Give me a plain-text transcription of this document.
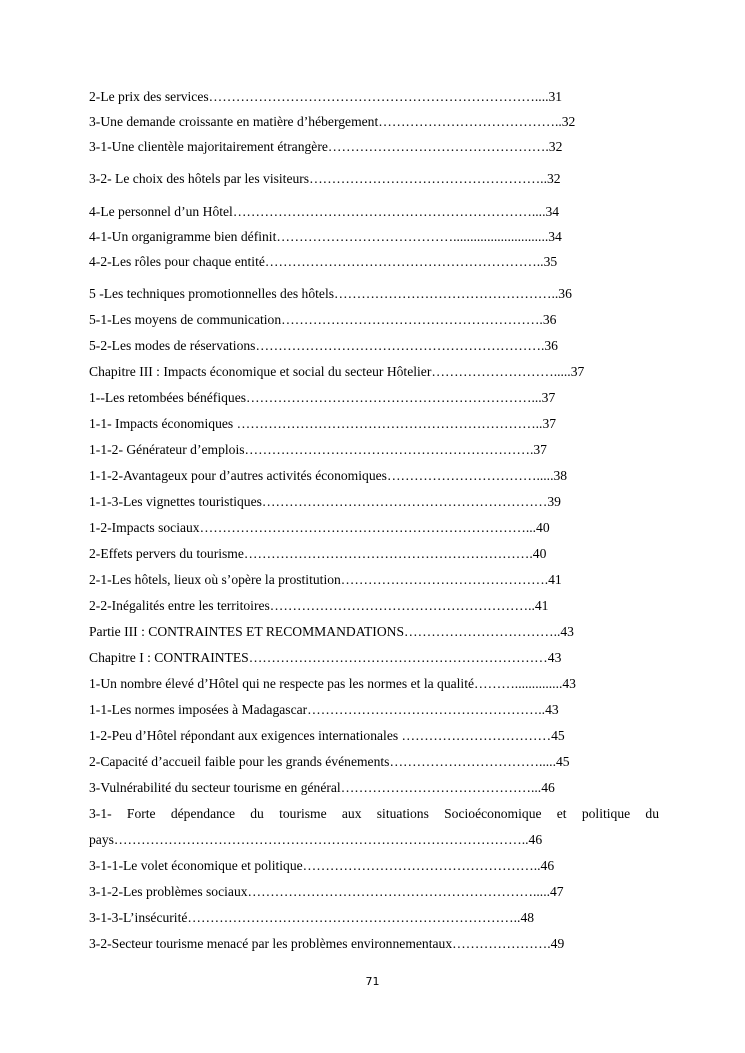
2-Le prix des services………………………………………………………………....31

3-Une demande croissante en matière d’hébergement…………………………………..32

3-1-Une clientèle majoritairement étrangère………………………………………….32

3-2- Le choix des hôtels par les visiteurs……………………………………………..32

4-Le personnel d’un Hôtel…………………………………………………………....34

4-1-Un organigramme bien définit…………………………………............................34

4-2-Les rôles pour chaque entité……………………………………………………..35

5 -Les techniques promotionnelles des hôtels…………………………………………..36

5-1-Les moyens de communication………………………………………………….36

5-2-Les modes de réservations……………………………………………………….36

Chapitre III : Impacts économique et social du secteur Hôtelier……………………….....37

1--Les retombées bénéfiques………………………………………………………...37

1-1- Impacts économiques …………………………………………………………..37

1-1-2- Générateur d’emplois……………………………………………………….37

1-1-2-Avantageux pour d’autres activités économiques…………………………….....38

1-1-3-Les vignettes touristiques………………………………………………………39

1-2-Impacts sociaux………………………………………………………………...40

2-Effets pervers du tourisme……………………………………………………….40

2-1-Les hôtels, lieux où s’opère la prostitution……………………………………….41

2-2-Inégalités entre les territoires…………………………………………………..41

Partie III : CONTRAINTES ET RECOMMANDATIONS……………………………..43

Chapitre I : CONTRAINTES…………………………………………………………43

1-Un nombre élevé d’Hôtel qui ne respecte pas les normes et la qualité………..............43

1-1-Les normes imposées à Madagascar……………………………………………..43

1-2-Peu d’Hôtel répondant aux exigences internationales ……………………………45

2-Capacité d’accueil faible pour les grands événements…………………………….....45

3-Vulnérabilité du secteur tourisme en général……………………………………...46

3-1- Forte dépendance du tourisme aux situations Socioéconomique et politique du

pays………………………………………………………………………………..46

3-1-1-Le volet économique et politique……………………………………………..46

3-1-2-Les problèmes sociaux……………………………………………………….....47

3-1-3-L’insécurité………………………………………………………………..48

3-2-Secteur tourisme menacé par les problèmes environnementaux………………….49

71
